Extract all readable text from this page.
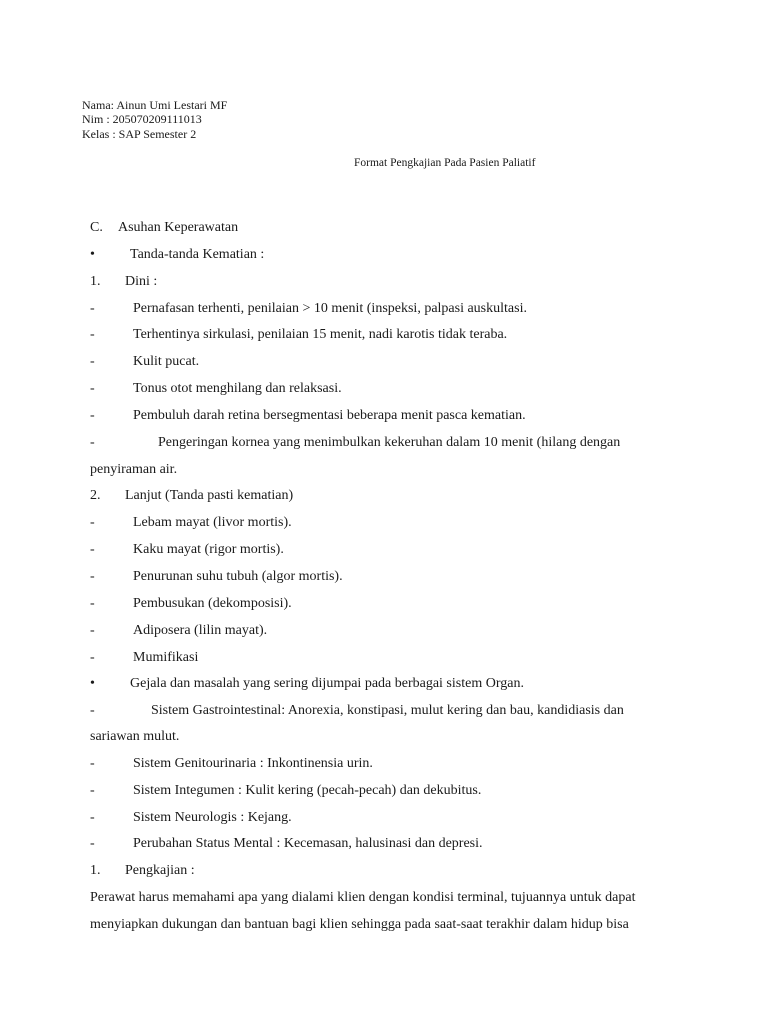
Nama: Ainun Umi Lestari MF
Nim : 205070209111013
Kelas : SAP Semester 2
Format Pengkajian Pada Pasien Paliatif
C. Asuhan Keperawatan
•	Tanda-tanda Kematian :
1. Dini :
-	Pernafasan terhenti, penilaian > 10 menit (inspeksi, palpasi auskultasi.
-	Terhentinya sirkulasi, penilaian 15 menit, nadi karotis tidak teraba.
-	Kulit pucat.
-	Tonus otot menghilang dan relaksasi.
-	Pembuluh darah retina bersegmentasi beberapa menit pasca kematian.
-	Pengeringan kornea yang menimbulkan kekeruhan dalam 10 menit (hilang dengan
penyiraman air.
2. Lanjut (Tanda pasti kematian)
-	Lebam mayat (livor mortis).
-	Kaku mayat (rigor mortis).
-	Penurunan suhu tubuh (algor mortis).
-	Pembusukan (dekomposisi).
-	Adiposera (lilin mayat).
-	Mumifikasi
•	Gejala dan masalah yang sering dijumpai pada berbagai sistem Organ.
-	Sistem Gastrointestinal: Anorexia, konstipasi, mulut kering dan bau, kandidiasis dan
sariawan mulut.
-	Sistem Genitourinaria : Inkontinensia urin.
-	Sistem Integumen : Kulit kering (pecah-pecah) dan dekubitus.
-	Sistem Neurologis : Kejang.
-	Perubahan Status Mental : Kecemasan, halusinasi dan depresi.
1. Pengkajian :
Perawat harus memahami apa yang dialami klien dengan kondisi terminal, tujuannya untuk dapat
menyiapkan dukungan dan bantuan bagi klien sehingga pada saat-saat terakhir dalam hidup bisa
